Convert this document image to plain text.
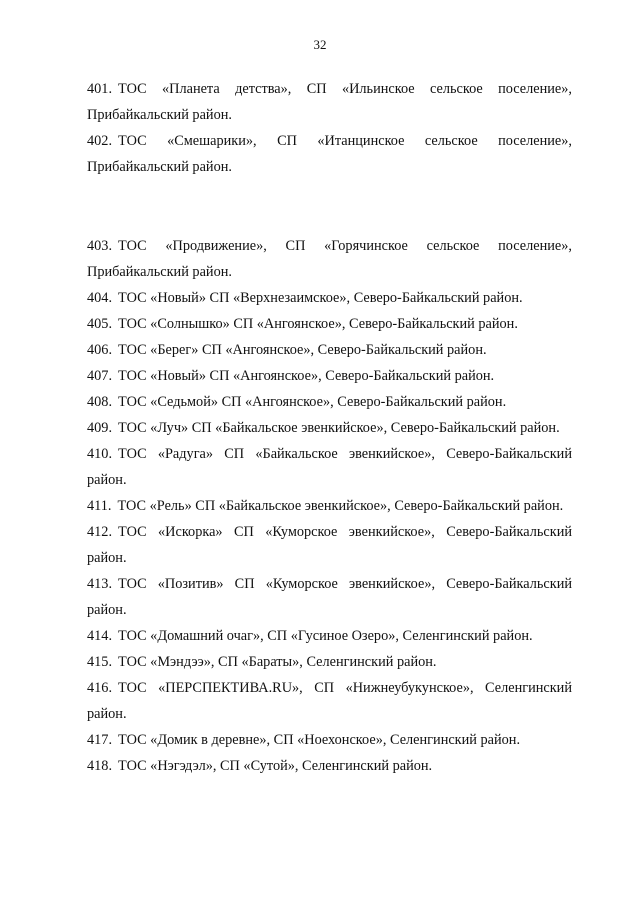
32
401. ТОС «Планета детства», СП «Ильинское сельское поселение», Прибайкальский район.
402. ТОС «Смешарики», СП «Итанцинское сельское поселение», Прибайкальский район.
403. ТОС «Продвижение», СП «Горячинское сельское поселение», Прибайкальский район.
404. ТОС «Новый» СП «Верхнезаимское», Северо-Байкальский район.
405. ТОС «Солнышко» СП «Ангоянское», Северо-Байкальский район.
406. ТОС «Берег» СП «Ангоянское», Северо-Байкальский район.
407. ТОС «Новый» СП «Ангоянское», Северо-Байкальский район.
408. ТОС «Седьмой» СП «Ангоянское», Северо-Байкальский район.
409. ТОС «Луч» СП «Байкальское эвенкийское», Северо-Байкальский район.
410. ТОС «Радуга» СП «Байкальское эвенкийское», Северо-Байкальский район.
411. ТОС «Рель» СП «Байкальское эвенкийское», Северо-Байкальский район.
412. ТОС «Искорка» СП «Куморское эвенкийское», Северо-Байкальский район.
413. ТОС «Позитив» СП «Куморское эвенкийское», Северо-Байкальский район.
414. ТОС «Домашний очаг», СП «Гусиное Озеро», Селенгинский район.
415. ТОС «Мэндээ», СП «Бараты», Селенгинский район.
416. ТОС «ПЕРСПЕКТИВА.RU», СП «Нижнеубукунское», Селенгинский район.
417. ТОС «Домик в деревне», СП «Ноехонское», Селенгинский район.
418. ТОС «Нэгэдэл», СП «Сутой», Селенгинский район.
